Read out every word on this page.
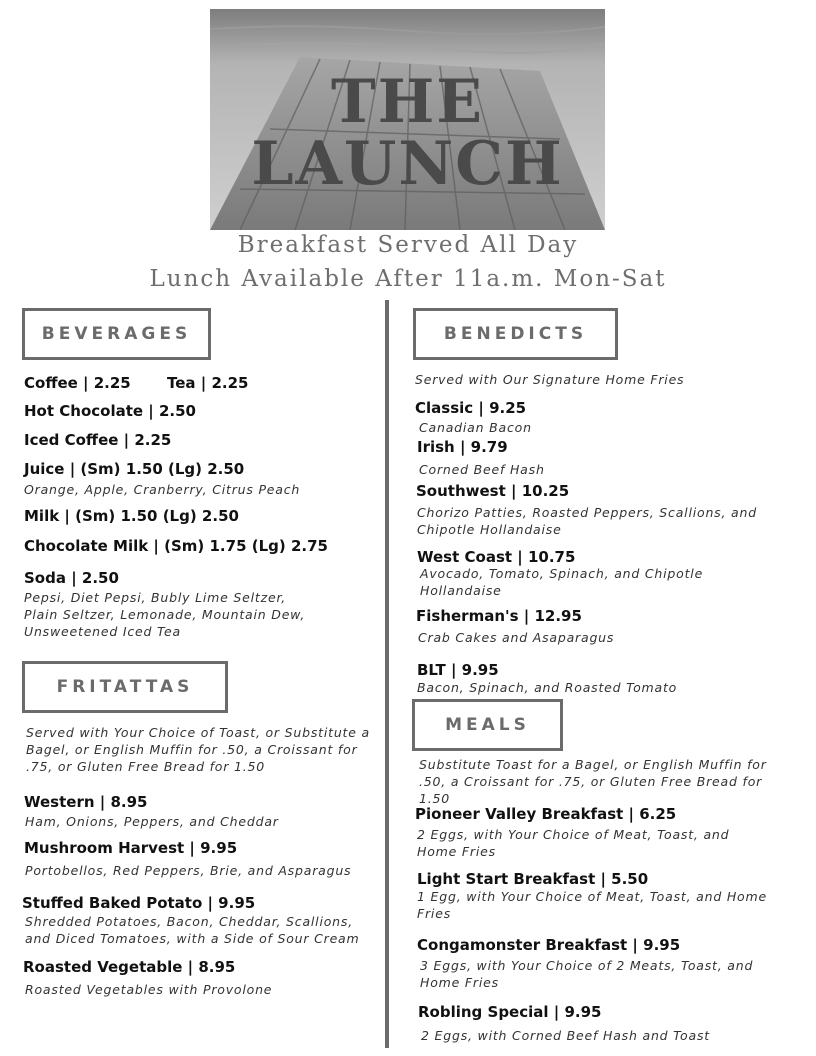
THE
LAUNCH
Breakfast Served All Day
Lunch Available After 11a.m. Mon-Sat
BEVERAGES
Coffee | 2.25 Tea | 2.25
Hot Chocolate | 2.50
Iced Coffee | 2.25
Juice | (Sm) 1.50 (Lg) 2.50
Orange, Apple, Cranberry, Citrus Peach
Milk | (Sm) 1.50 (Lg) 2.50
Chocolate Milk | (Sm) 1.75 (Lg) 2.75
Soda | 2.50
Pepsi, Diet Pepsi, Bubly Lime Seltzer, Plain Seltzer, Lemonade, Mountain Dew, Unsweetened Iced Tea
FRITATTAS
Served with Your Choice of Toast, or Substitute a Bagel, or English Muffin for .50, a Croissant for .75, or Gluten Free Bread for 1.50
Western | 8.95
Ham, Onions, Peppers, and Cheddar
Mushroom Harvest | 9.95
Portobellos, Red Peppers, Brie, and Asparagus
Stuffed Baked Potato | 9.95
Shredded Potatoes, Bacon, Cheddar, Scallions, and Diced Tomatoes, with a Side of Sour Cream
Roasted Vegetable | 8.95
Roasted Vegetables with Provolone
BENEDICTS
Served with Our Signature Home Fries
Classic | 9.25
Canadian Bacon
Irish | 9.79
Corned Beef Hash
Southwest | 10.25
Chorizo Patties, Roasted Peppers, Scallions, and Chipotle Hollandaise
West Coast | 10.75
Avocado, Tomato, Spinach, and Chipotle Hollandaise
Fisherman's | 12.95
Crab Cakes and Asaparagus
BLT | 9.95
Bacon, Spinach, and Roasted Tomato
MEALS
Substitute Toast for a Bagel, or English Muffin for .50, a Croissant for .75, or Gluten Free Bread for 1.50
Pioneer Valley Breakfast | 6.25
2 Eggs, with Your Choice of Meat, Toast, and Home Fries
Light Start Breakfast | 5.50
1 Egg, with Your Choice of Meat, Toast, and Home Fries
Congamonster Breakfast | 9.95
3 Eggs, with Your Choice of 2 Meats, Toast, and Home Fries
Robling Special | 9.95
2 Eggs, with Corned Beef Hash and Toast
